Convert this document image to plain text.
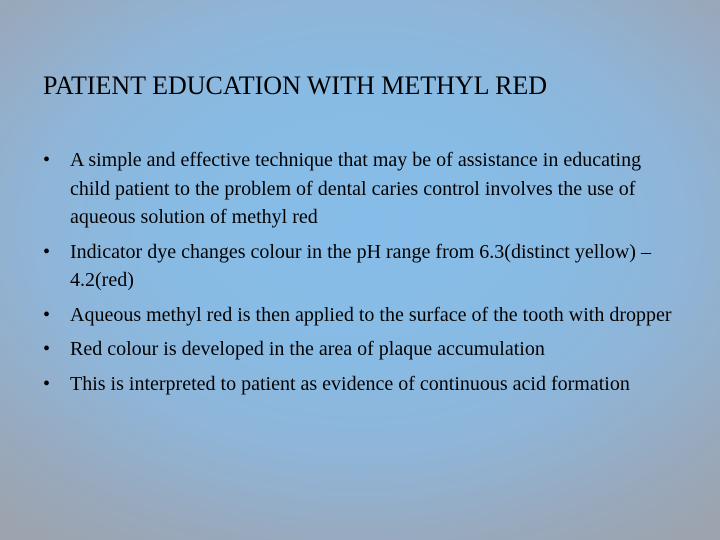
PATIENT EDUCATION WITH METHYL RED
• A simple and effective technique that may be of assistance in educating child patient to the problem of dental caries control involves the use of aqueous solution of methyl red
• Indicator dye changes colour in the pH range from 6.3(distinct yellow) – 4.2(red)
• Aqueous methyl red is then applied to the surface of the tooth with dropper
• Red colour is developed in the area of plaque accumulation
• This is interpreted to patient as evidence of continuous acid formation
